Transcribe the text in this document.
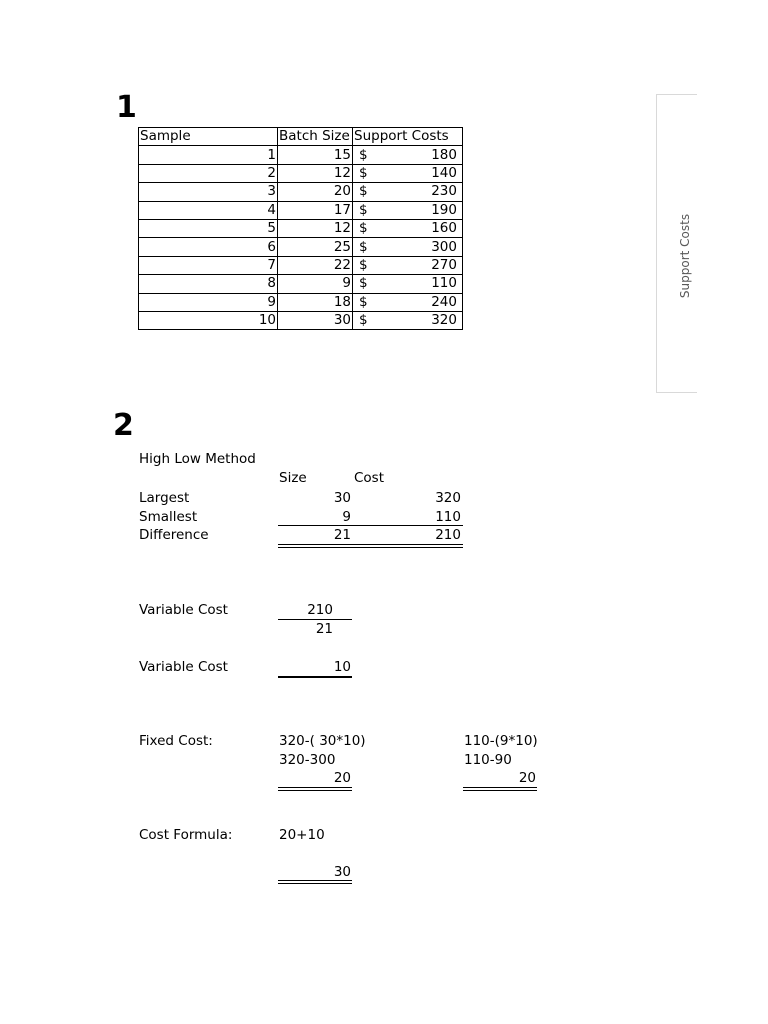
1
Sample	Batch Size	Support Costs
1	15	$ 180

2	12	$ 140

3	20	$ 230

4	17	$ 190

5	12	$ 160

6	25	$ 300

7	22	$ 270

8	9	$ 110

9	18	$ 240

10	30	$ 320
Support Costs
2
High Low Method
Size	Cost
Largest	30	320
Smallest	9	110
Difference	21	210
Variable Cost	210
21
Variable Cost	10
Fixed Cost:	320-( 30*10)
320-300
20
110-(9*10)
110-90
20
Cost Formula:	20+10
30
